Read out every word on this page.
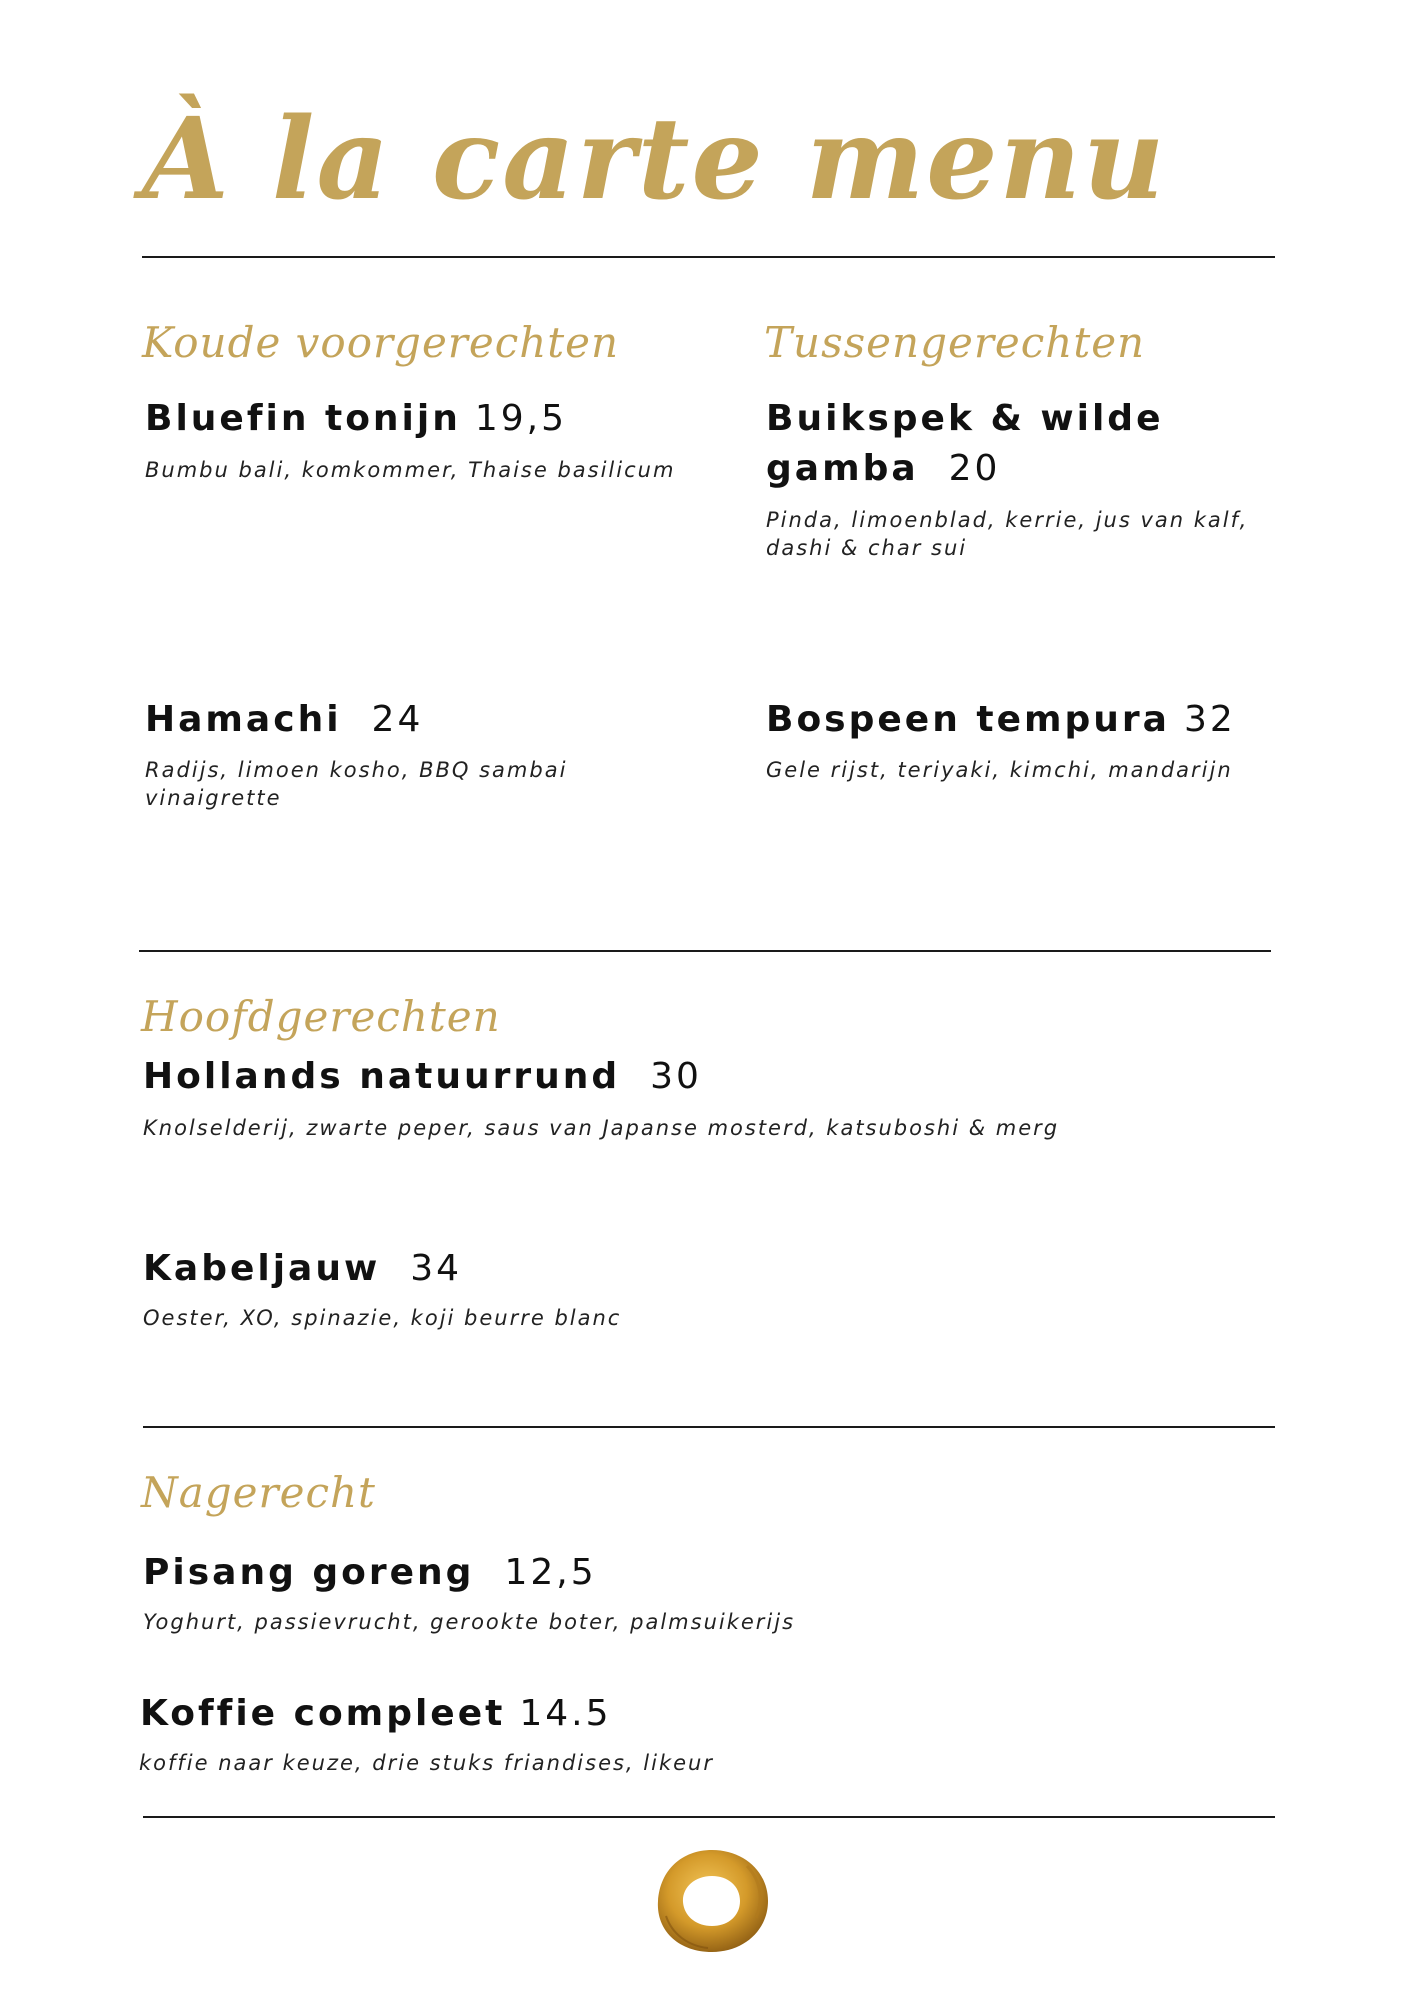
À la carte menu
Koude voorgerechten
Bluefin tonijn 19,5
Bumbu bali, komkommer, Thaise basilicum
Hamachi 24
Radijs, limoen kosho, BBQ sambai vinaigrette
Tussengerechten
Buikspek & wilde gamba 20
Pinda, limoenblad, kerrie, jus van kalf, dashi & char sui
Bospeen tempura 32
Gele rijst, teriyaki, kimchi, mandarijn
Hoofdgerechten
Hollands natuurrund 30
Knolselderij, zwarte peper, saus van Japanse mosterd, katsuboshi & merg
Kabeljauw 34
Oester, XO, spinazie, koji beurre blanc
Nagerecht
Pisang goreng 12,5
Yoghurt, passievrucht, gerookte boter, palmsuikerijs
Koffie compleet 14.5
koffie naar keuze, drie stuks friandises, likeur
